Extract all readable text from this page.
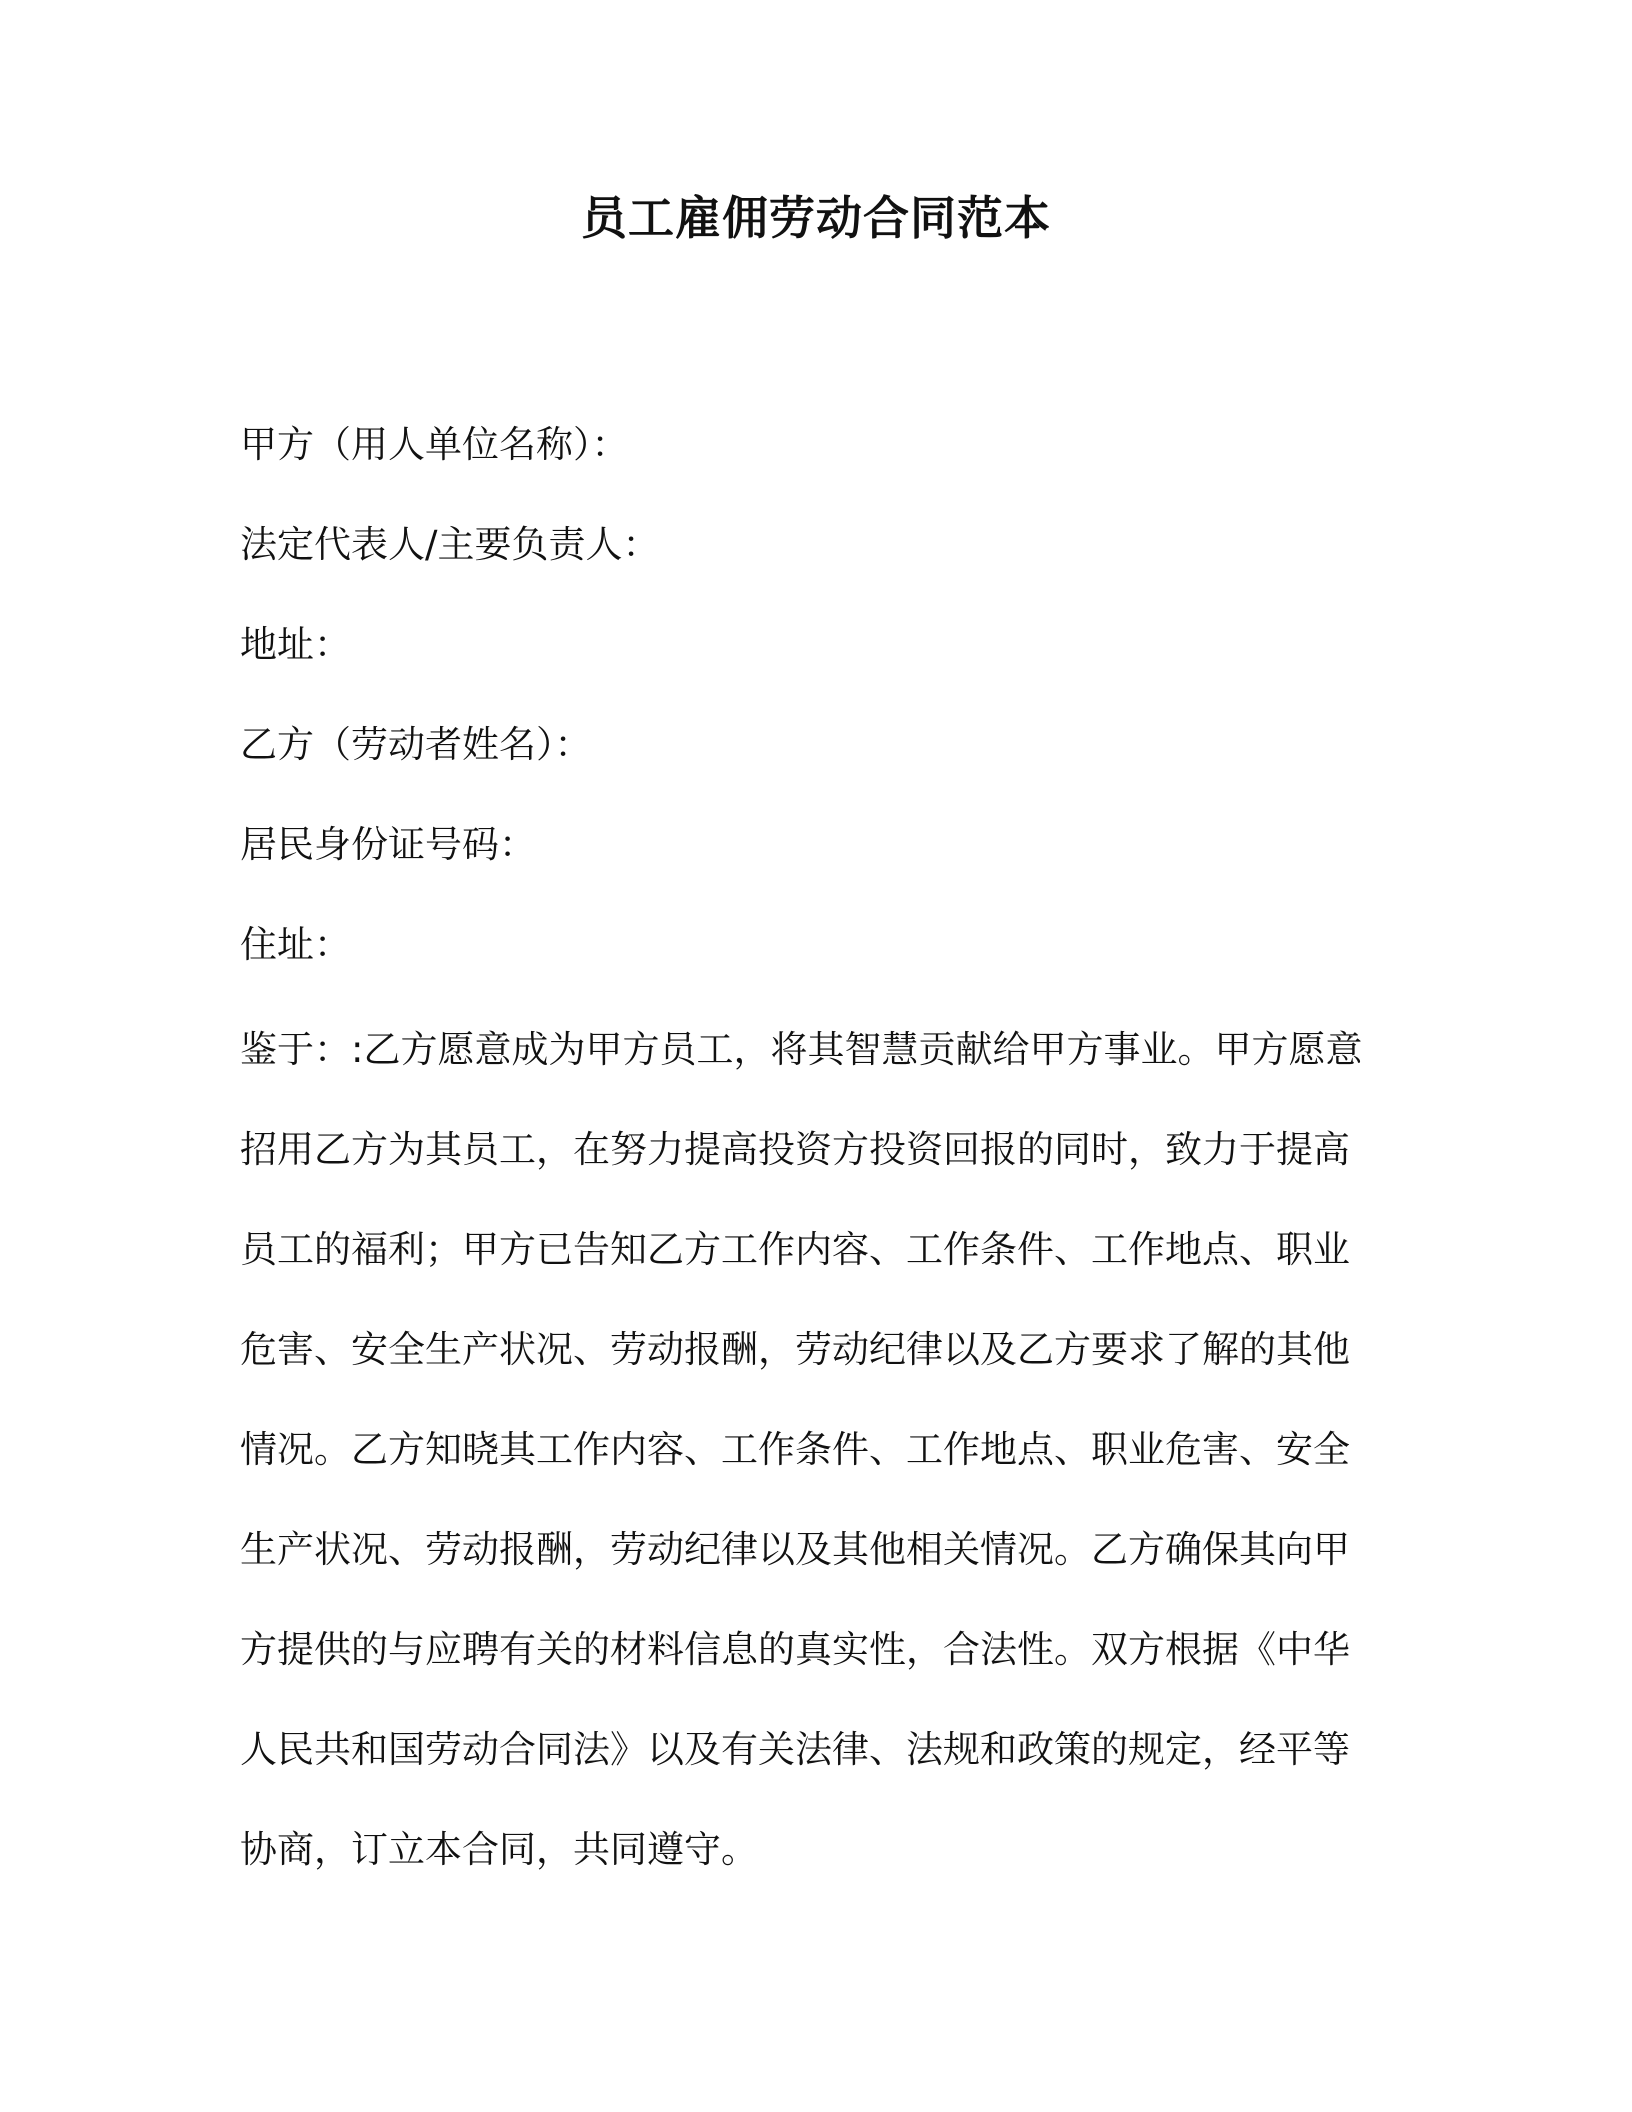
员工雇佣劳动合同范本
甲方（用人单位名称）：
法定代表人/主要负责人：
地址：
乙方（劳动者姓名）：
居民身份证号码：
住址：
鉴于：:乙方愿意成为甲方员工，将其智慧贡献给甲方事业。甲方愿意
招用乙方为其员工，在努力提高投资方投资回报的同时，致力于提高
员工的福利；甲方已告知乙方工作内容、工作条件、工作地点、职业
危害、安全生产状况、劳动报酬，劳动纪律以及乙方要求了解的其他
情况。乙方知晓其工作内容、工作条件、工作地点、职业危害、安全
生产状况、劳动报酬，劳动纪律以及其他相关情况。乙方确保其向甲
方提供的与应聘有关的材料信息的真实性，合法性。双方根据《中华
人民共和国劳动合同法》以及有关法律、法规和政策的规定，经平等
协商，订立本合同，共同遵守。
